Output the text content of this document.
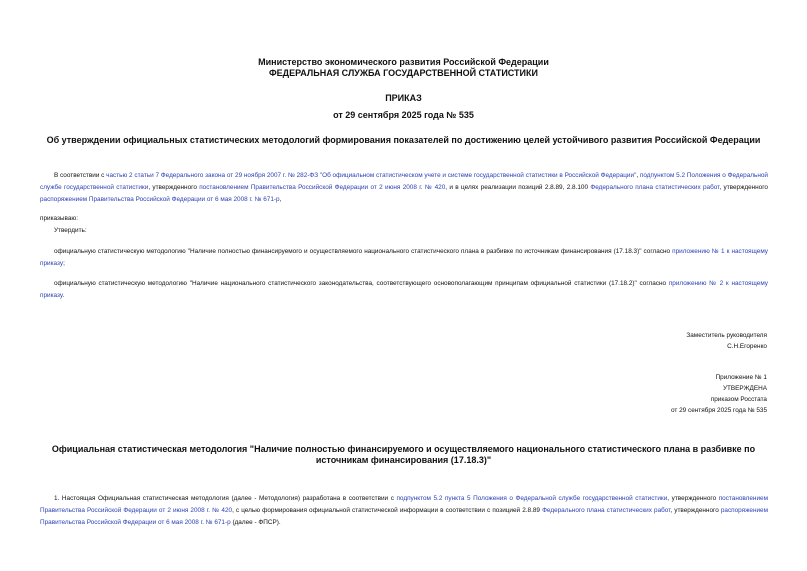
Министерство экономического развития Российской Федерации
ФЕДЕРАЛЬНАЯ СЛУЖБА ГОСУДАРСТВЕННОЙ СТАТИСТИКИ
ПРИКАЗ
от 29 сентября 2025 года № 535
Об утверждении официальных статистических методологий формирования показателей по достижению целей устойчивого развития Российской Федерации

В соответствии с частью 2 статьи 7 Федерального закона от 29 ноября 2007 г. № 282-ФЗ "Об официальном статистическом учете и системе государственной статистики в Российской Федерации", подпунктом 5.2 Положения о Федеральной службе государственной статистики, утвержденного постановлением Правительства Российской Федерации от 2 июня 2008 г. № 420, и в целях реализации позиций 2.8.89, 2.8.100 Федерального плана статистических работ, утвержденного распоряжением Правительства Российской Федерации от 6 мая 2008 г. № 671-р,

приказываю:
Утвердить:

официальную статистическую методологию "Наличие полностью финансируемого и осуществляемого национального статистического плана в разбивке по источникам финансирования (17.18.3)" согласно приложению № 1 к настоящему приказу;

официальную статистическую методологию "Наличие национального статистического законодательства, соответствующего основополагающим принципам официальной статистики (17.18.2)" согласно приложению № 2 к настоящему приказу.

Заместитель руководителя
С.Н.Егоренко
Приложение № 1
УТВЕРЖДЕНА
приказом Росстата
от 29 сентября 2025 года № 535
Официальная статистическая методология "Наличие полностью финансируемого и осуществляемого национального статистического плана в разбивке по источникам финансирования (17.18.3)"

1. Настоящая Официальная статистическая методология (далее - Методология) разработана в соответствии с подпунктом 5.2 пункта 5 Положения о Федеральной службе государственной статистики, утвержденного постановлением Правительства Российской Федерации от 2 июня 2008 г. № 420, с целью формирования официальной статистической информации в соответствии с позицией 2.8.89 Федерального плана статистических работ, утвержденного распоряжением Правительства Российской Федерации от 6 мая 2008 г. № 671-р (далее - ФПСР).
